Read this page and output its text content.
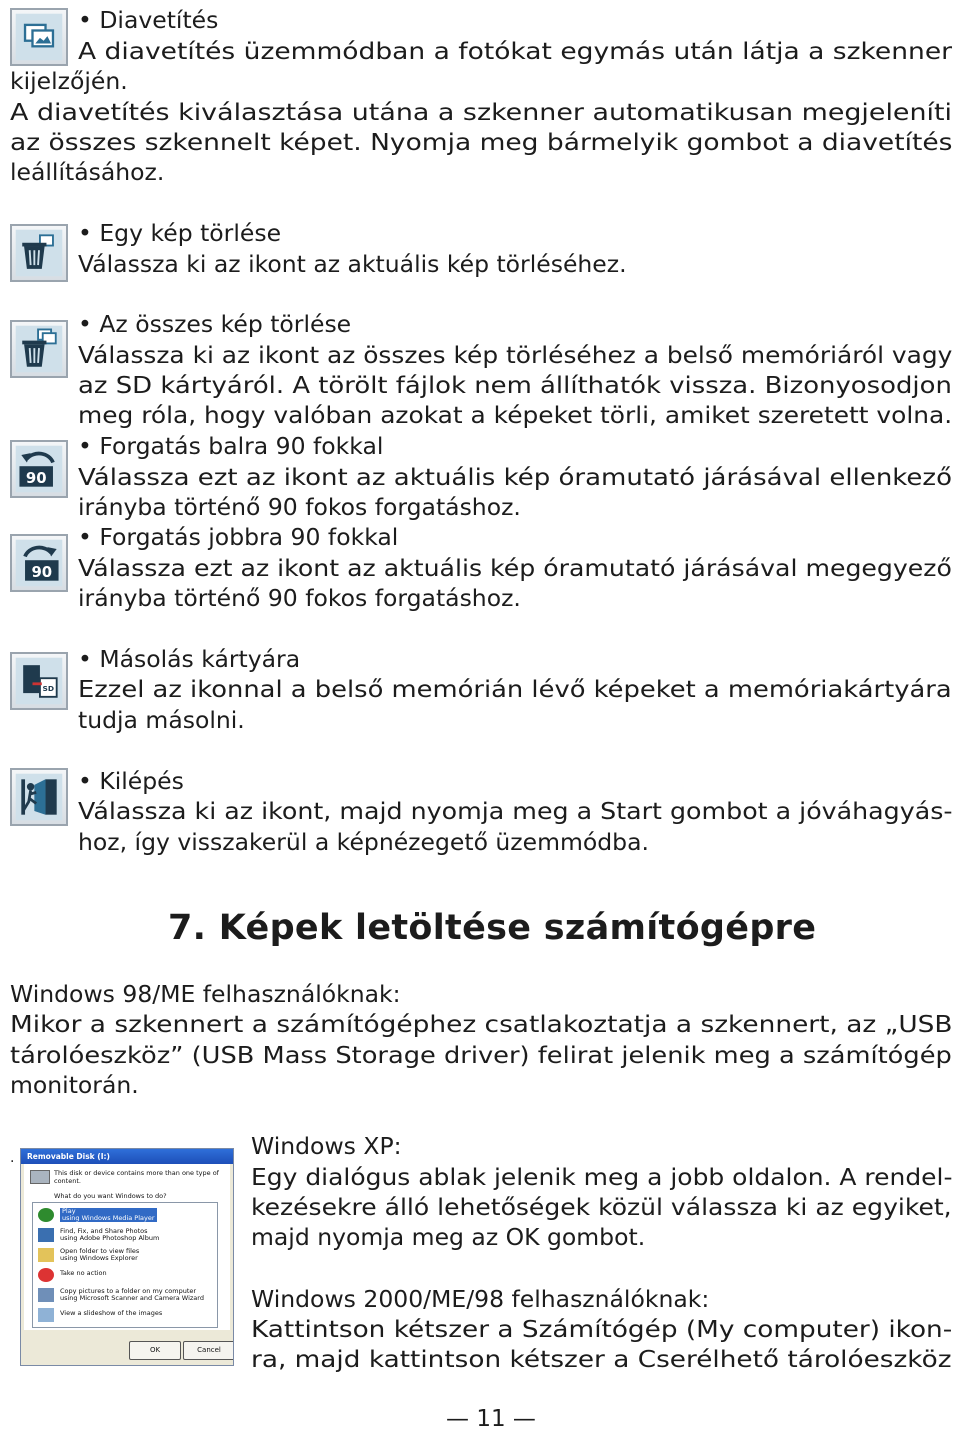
90
90
SD
• Diavetítés
A diavetítés üzemmódban a fotókat egymás után látja a szkenner
kijelzőjén.
A diavetítés kiválasztása utána a szkenner automatikusan megjeleníti
az összes szkennelt képet. Nyomja meg bármelyik gombot a diavetítés
leállításához.
• Egy kép törlése
Válassza ki az ikont az aktuális kép törléséhez.
• Az összes kép törlése
Válassza ki az ikont az összes kép törléséhez a belső memóriáról vagy
az SD kártyáról. A törölt fájlok nem állíthatók vissza. Bizonyosodjon
meg róla, hogy valóban azokat a képeket törli, amiket szeretett volna.
• Forgatás balra 90 fokkal
Válassza ezt az ikont az aktuális kép óramutató járásával ellenkező
irányba történő 90 fokos forgatáshoz.
• Forgatás jobbra 90 fokkal
Válassza ezt az ikont az aktuális kép óramutató járásával megegyező
irányba történő 90 fokos forgatáshoz.
• Másolás kártyára
Ezzel az ikonnal a belső memórián lévő képeket a memóriakártyára
tudja másolni.
• Kilépés
Válassza ki az ikont, majd nyomja meg a Start gombot a jóváhagyás-
hoz, így visszakerül a képnézegető üzemmódba.
7. Képek letöltése számítógépre
Windows 98/ME felhasználóknak:
Mikor a szkennert a számítógéphez csatlakoztatja a szkennert, az „USB
tárolóeszköz” (USB Mass Storage driver) felirat jelenik meg a számítógép
monitorán.
.	Removable Disk (I:)
This disk or device contains more than one type of
content.
What do you want Windows to do?
Play
using Windows Media Player
Find, Fix, and Share Photos
using Adobe Photoshop Album
Open folder to view files
using Windows Explorer
Take no action
Copy pictures to a folder on my computer
using Microsoft Scanner and Camera Wizard
View a slideshow of the images
OK	Cancel
Windows XP:
Egy dialógus ablak jelenik meg a jobb oldalon. A rendel-
kezésekre álló lehetőségek közül válassza ki az egyiket,
majd nyomja meg az OK gombot.
Windows 2000/ME/98 felhasználóknak:
Kattintson kétszer a Számítógép (My computer) ikon-
ra, majd kattintson kétszer a Cserélhető tárolóeszköz
— 11 —
